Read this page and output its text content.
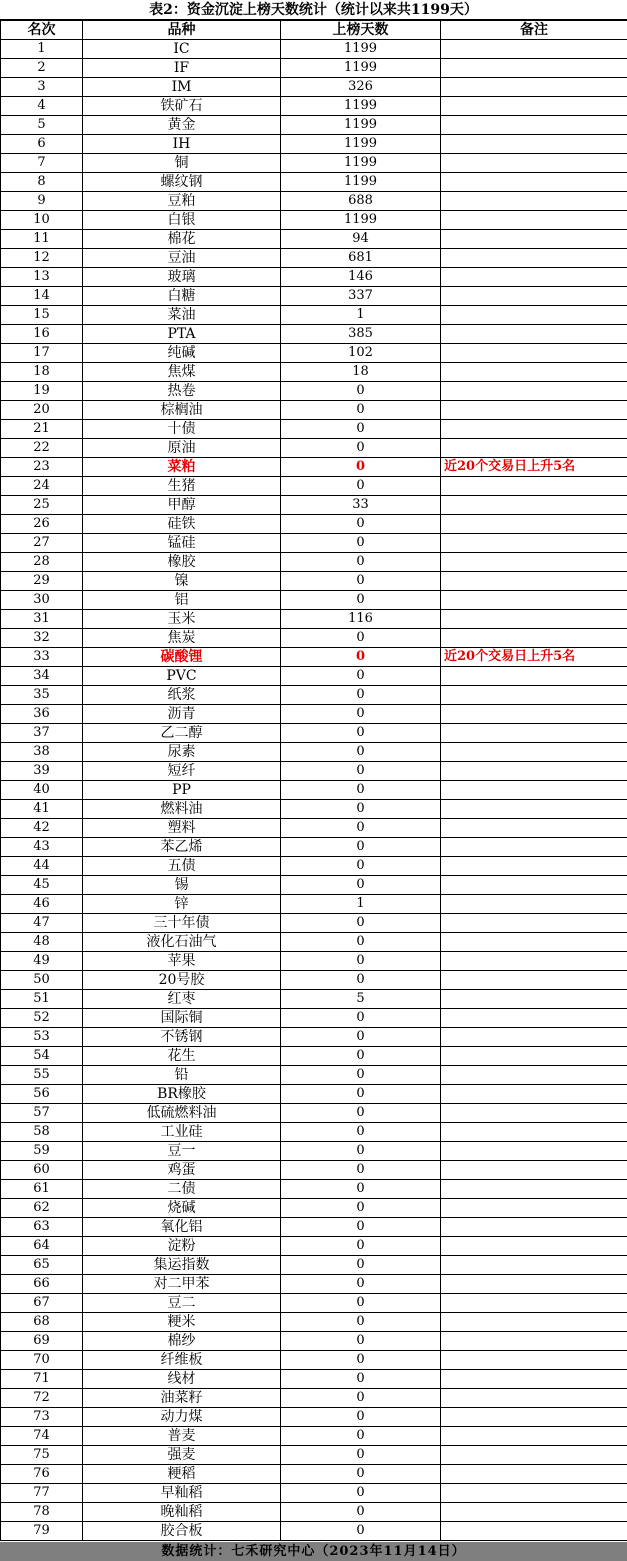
表2：资金沉淀上榜天数统计（统计以来共1199天）
名次	品种	上榜天数	备注
1	IC	1199	
2	IF	1199	
3	IM	326	
4	铁矿石	1199	
5	黄金	1199	
6	IH	1199	
7	铜	1199	
8	螺纹钢	1199	
9	豆粕	688	
10	白银	1199	
11	棉花	94	
12	豆油	681	
13	玻璃	146	
14	白糖	337	
15	菜油	1	
16	PTA	385	
17	纯碱	102	
18	焦煤	18	
19	热卷	0	
20	棕榈油	0	
21	十债	0	
22	原油	0	
23	菜粕	0	近20个交易日上升5名
24	生猪	0	
25	甲醇	33	
26	硅铁	0	
27	锰硅	0	
28	橡胶	0	
29	镍	0	
30	铝	0	
31	玉米	116	
32	焦炭	0	
33	碳酸锂	0	近20个交易日上升5名
34	PVC	0	
35	纸浆	0	
36	沥青	0	
37	乙二醇	0	
38	尿素	0	
39	短纤	0	
40	PP	0	
41	燃料油	0	
42	塑料	0	
43	苯乙烯	0	
44	五债	0	
45	锡	0	
46	锌	1	
47	三十年债	0	
48	液化石油气	0	
49	苹果	0	
50	20号胶	0	
51	红枣	5	
52	国际铜	0	
53	不锈钢	0	
54	花生	0	
55	铅	0	
56	BR橡胶	0	
57	低硫燃料油	0	
58	工业硅	0	
59	豆一	0	
60	鸡蛋	0	
61	二债	0	
62	烧碱	0	
63	氧化铝	0	
64	淀粉	0	
65	集运指数	0	
66	对二甲苯	0	
67	豆二	0	
68	粳米	0	
69	棉纱	0	
70	纤维板	0	
71	线材	0	
72	油菜籽	0	
73	动力煤	0	
74	普麦	0	
75	强麦	0	
76	粳稻	0	
77	早籼稻	0	
78	晚籼稻	0	
79	胶合板	0	
数据统计：七禾研究中心（2023年11月14日）
